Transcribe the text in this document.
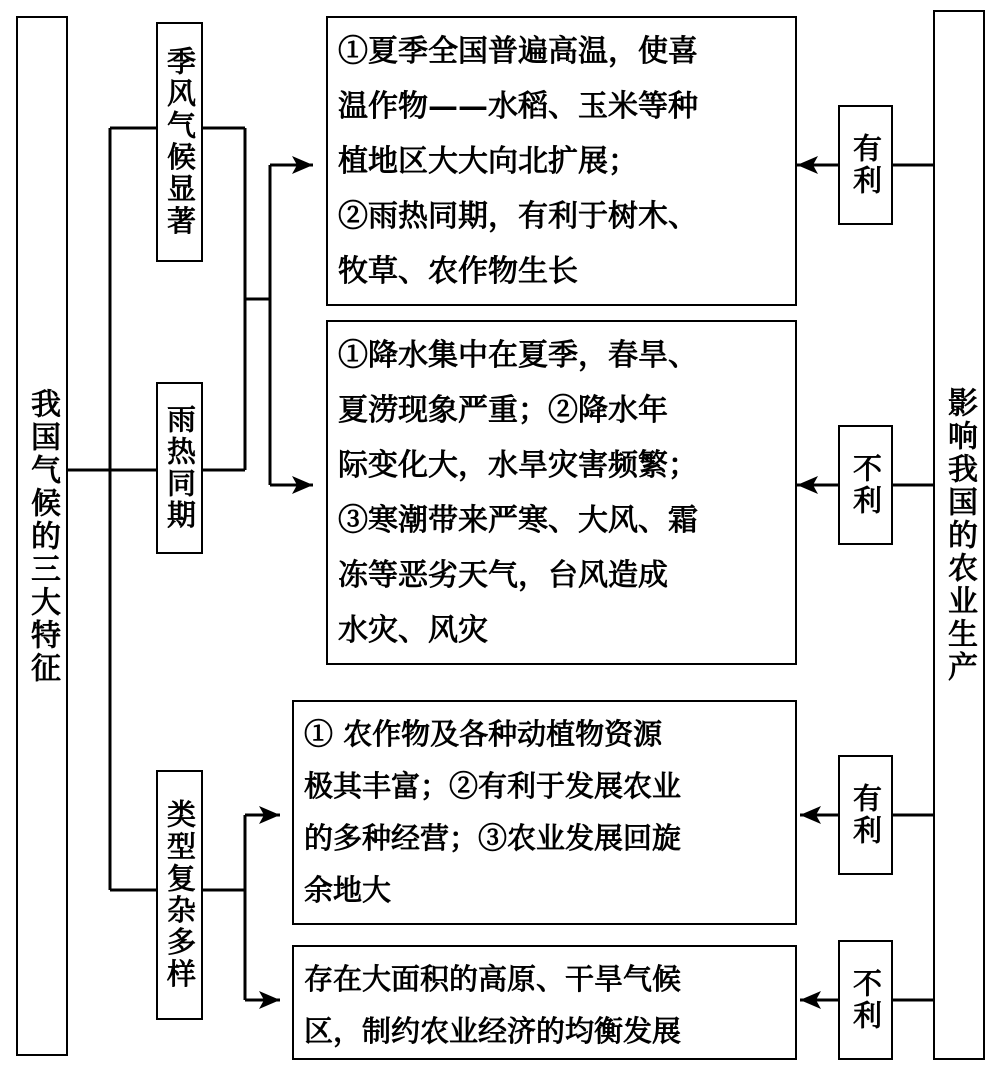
我国气候的三大特征	影响我国的农业生产
季风气候显著
雨热同期
类型复杂多样
有利
不利
有利
不利
①夏季全国普遍高温，使喜
温作物——水稻、玉米等种
植地区大大向北扩展；
②雨热同期，有利于树木、
牧草、农作物生长
①降水集中在夏季，春旱、
夏涝现象严重；②降水年
际变化大，水旱灾害频繁；
③寒潮带来严寒、大风、霜
冻等恶劣天气，台风造成
水灾、风灾
① 农作物及各种动植物资源
极其丰富；②有利于发展农业
的多种经营；③农业发展回旋
余地大
存在大面积的高原、干旱气候
区，制约农业经济的均衡发展
